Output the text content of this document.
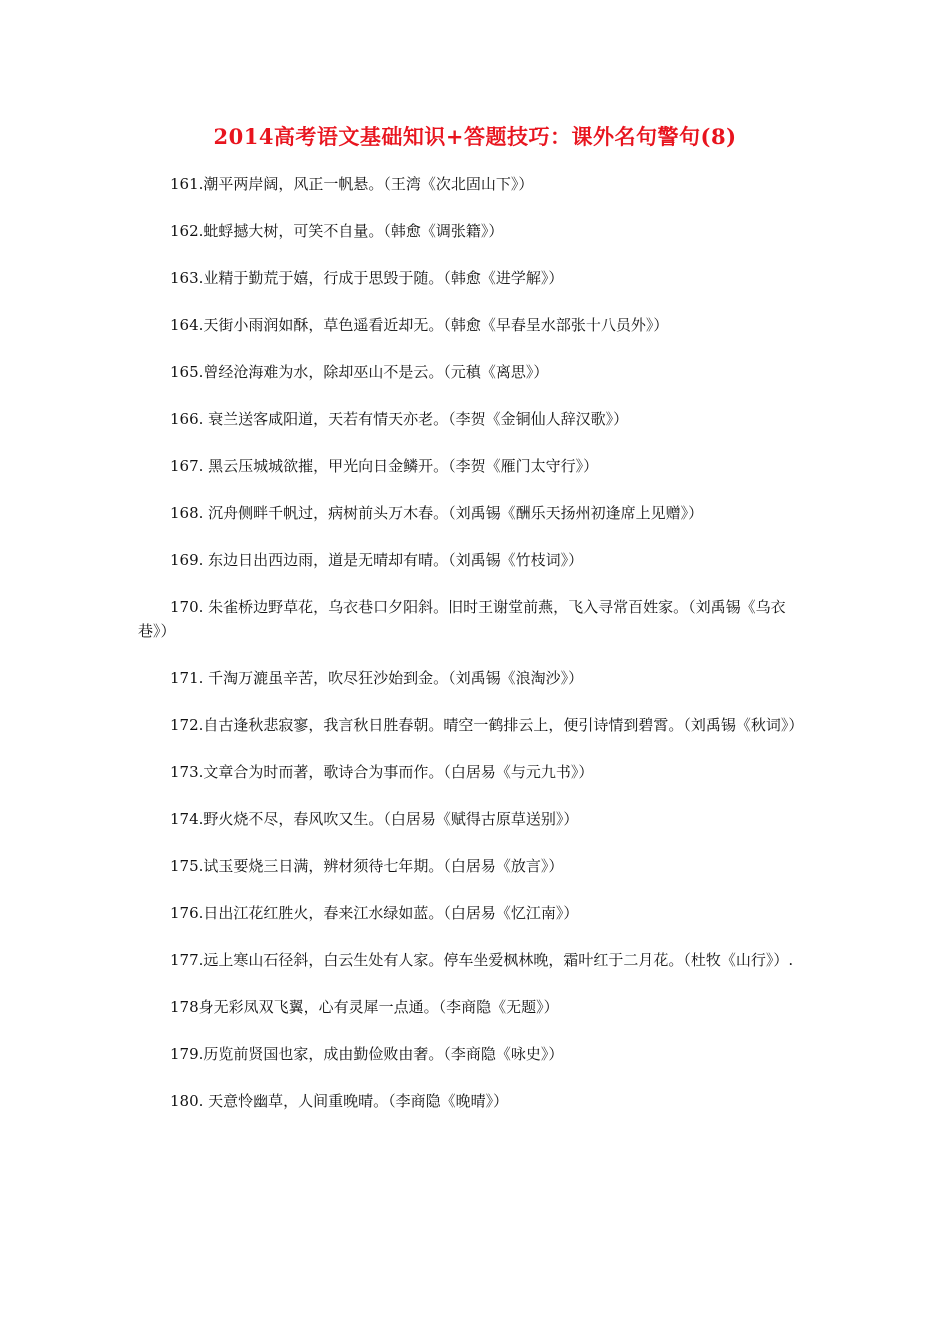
2014高考语文基础知识+答题技巧：课外名句警句(8)

161.潮平两岸阔，风正一帆悬。（王湾《次北固山下》）

162.蚍蜉撼大树，可笑不自量。（韩愈《调张籍》）

163.业精于勤荒于嬉，行成于思毁于随。（韩愈《进学解》）

164.天街小雨润如酥，草色遥看近却无。（韩愈《早春呈水部张十八员外》）

165.曾经沧海难为水，除却巫山不是云。（元稹《离思》）

166. 衰兰送客咸阳道，天若有情天亦老。（李贺《金铜仙人辞汉歌》）

167. 黑云压城城欲摧，甲光向日金鳞开。（李贺《雁门太守行》）

168. 沉舟侧畔千帆过，病树前头万木春。（刘禹锡《酬乐天扬州初逢席上见赠》）

169. 东边日出西边雨，道是无晴却有晴。（刘禹锡《竹枝词》）

170. 朱雀桥边野草花，乌衣巷口夕阳斜。旧时王谢堂前燕，飞入寻常百姓家。（刘禹锡《乌衣巷》）

171. 千淘万漉虽辛苦，吹尽狂沙始到金。（刘禹锡《浪淘沙》）

172.自古逢秋悲寂寥，我言秋日胜春朝。晴空一鹤排云上，便引诗情到碧霄。（刘禹锡《秋词》）

173.文章合为时而著，歌诗合为事而作。（白居易《与元九书》）

174.野火烧不尽，春风吹又生。（白居易《赋得古原草送别》）

175.试玉要烧三日满，辨材须待七年期。（白居易《放言》）

176.日出江花红胜火，春来江水绿如蓝。（白居易《忆江南》）

177.远上寒山石径斜，白云生处有人家。停车坐爱枫林晚，霜叶红于二月花。（杜牧《山行》）.

178身无彩凤双飞翼，心有灵犀一点通。（李商隐《无题》）

179.历览前贤国也家，成由勤俭败由奢。（李商隐《咏史》）

180. 天意怜幽草，人间重晚晴。（李商隐《晚晴》）
